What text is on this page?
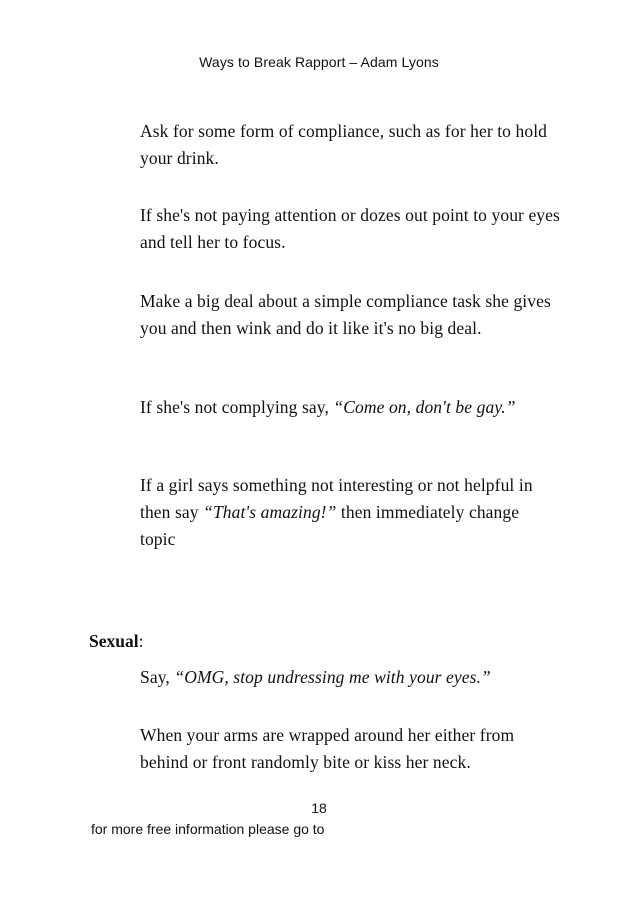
Ways to Break Rapport – Adam Lyons

Ask for some form of compliance, such as for her to hold your drink.

If she's not paying attention or dozes out point to your eyes and tell her to focus.

Make a big deal about a simple compliance task she gives you and then wink and do it like it's no big deal.

If she's not complying say, “Come on, don't be gay.”

If a girl says something not interesting or not helpful in then say “That's amazing!” then immediately change topic

Sexual:

Say, “OMG, stop undressing me with your eyes.”

When your arms are wrapped around her either from behind or front randomly bite or kiss her neck.

18
for more free information please go to
